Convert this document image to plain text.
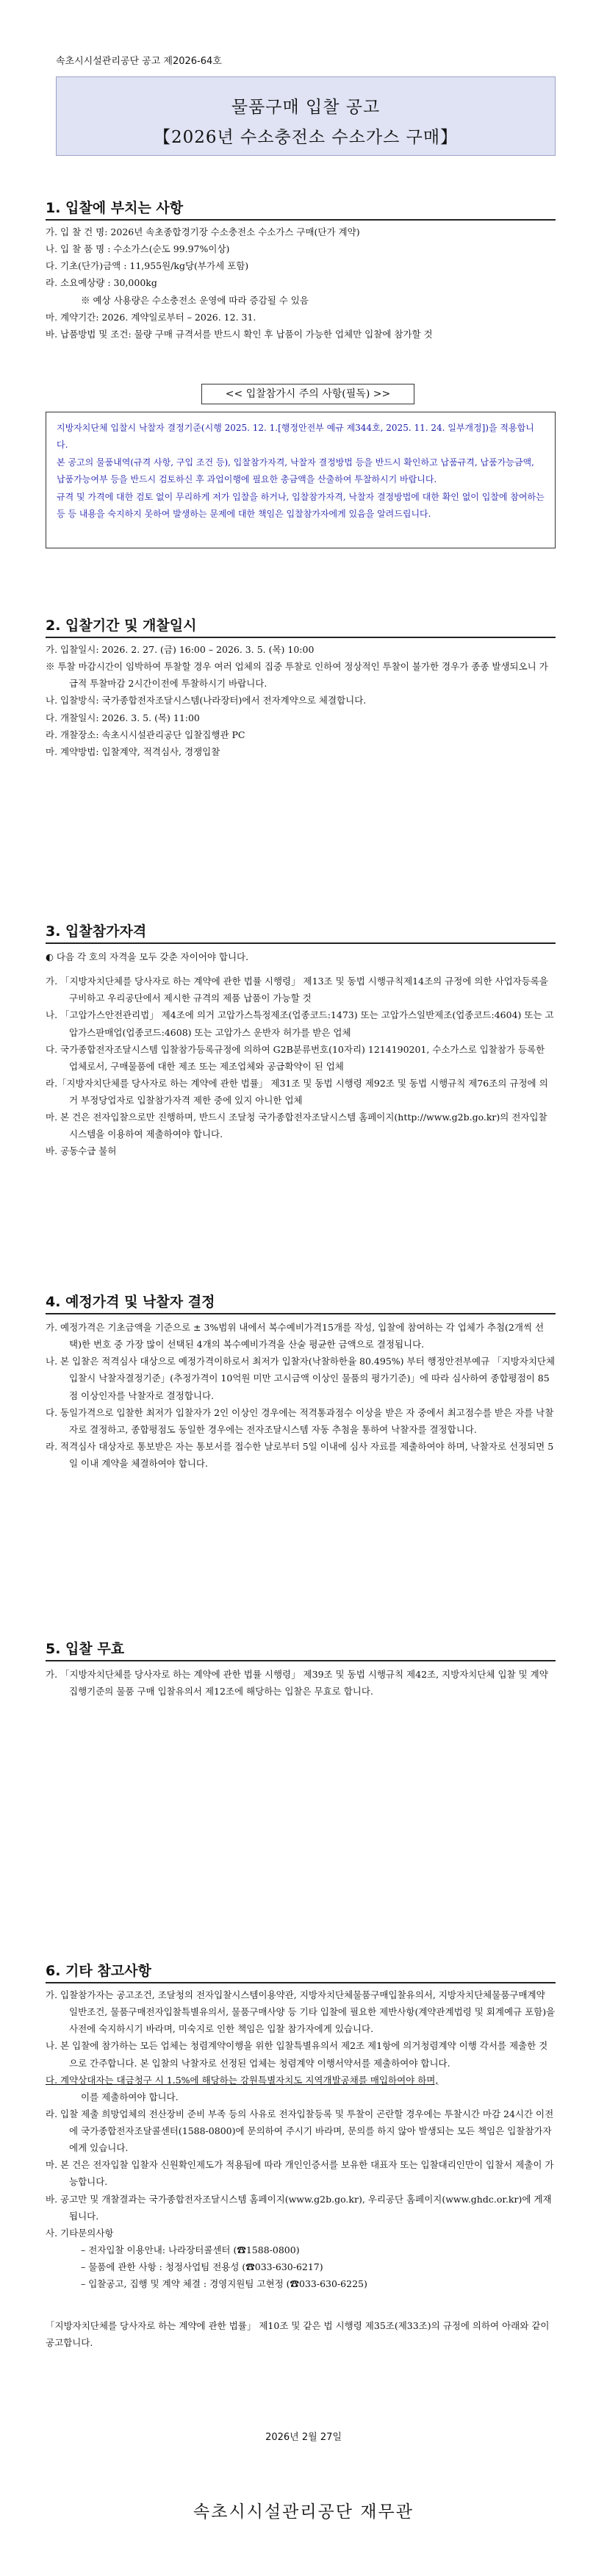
속초시시설관리공단 공고 제2026-64호
물품구매 입찰 공고
【2026년 수소충전소 수소가스 구매】
1. 입찰에 부치는 사항

가. 입 찰 건 명: 2026년 속초종합경기장 수소충전소 수소가스 구매(단가 계약)

나. 입 찰 품 명 : 수소가스(순도 99.97%이상)

다. 기초(단가)금액 : 11,955원/kg당(부가세 포함)

라. 소요예상량 : 30,000kg

※ 예상 사용량은 수소충전소 운영에 따라 증감될 수 있음

마. 계약기간: 2026. 계약일로부터 – 2026. 12. 31.

바. 납품방법 및 조건: 물량 구매 규격서를 반드시 확인 후 납품이 가능한 업체만 입찰에 참가할 것

<< 입찰참가시 주의 사항(필독) >>

지방자치단체 입찰시 낙찰자 결정기준(시행 2025. 12. 1.[행정안전부 예규 제344호, 2025. 11. 24. 일부개정])을 적용합니다.

본 공고의 물품내역(규격 사항, 구입 조건 등), 입찰참가자격, 낙찰자 결정방법 등을 반드시 확인하고 납품규격, 납품가능금액, 납품가능여부 등을 반드시 검토하신 후 과업이행에 필요한 총금액을 산출하여 투찰하시기 바랍니다.

규격 및 가격에 대한 검토 없이 무리하게 저가 입찰을 하거나, 입찰참가자격, 낙찰자 결정방법에 대한 확인 없이 입찰에 참여하는 등 등 내용을 숙지하지 못하여 발생하는 문제에 대한 책임은 입찰참가자에게 있음을 알려드립니다.

2. 입찰기간 및 개찰일시

가. 입찰일시: 2026. 2. 27. (금) 16:00 – 2026. 3. 5. (목) 10:00

※ 투찰 마감시간이 임박하여 투찰할 경우 여러 업체의 집중 투찰로 인하여 정상적인 투찰이 불가한 경우가 종종 발생되오니 가급적 투찰마감 2시간이전에 투찰하시기 바랍니다.

나. 입찰방식: 국가종합전자조달시스템(나라장터)에서 전자계약으로 체결합니다.

다. 개찰일시: 2026. 3. 5. (목) 11:00

라. 개찰장소: 속초시시설관리공단 입찰집행관 PC

마. 계약방법: 입찰계약, 적격심사, 경쟁입찰

3. 입찰참가자격

◐ 다음 각 호의 자격을 모두 갖춘 자이어야 합니다.

가. 「지방자치단체를 당사자로 하는 계약에 관한 법률 시행령」 제13조 및 동법 시행규칙제14조의 규정에 의한 사업자등록을 구비하고 우리공단에서 제시한 규격의 제품 납품이 가능할 것

나. 「고압가스안전관리법」 제4조에 의거 고압가스특정제조(업종코드:1473) 또는 고압가스일반제조(업종코드:4604) 또는 고압가스판매업(업종코드:4608) 또는 고압가스 운반자 허가를 받은 업체

다. 국가종합전자조달시스템 입찰참가등록규정에 의하여 G2B분류번호(10자리) 1214190201, 수소가스로 입찰참가 등록한 업체로서, 구매물품에 대한 제조 또는 제조업체와 공급확약이 된 업체

라.「지방자치단체를 당사자로 하는 계약에 관한 법률」 제31조 및 동법 시행령 제92조 및 동법 시행규칙 제76조의 규정에 의거 부정당업자로 입찰참가자격 제한 중에 있지 아니한 업체

마. 본 건은 전자입찰으로만 진행하며, 반드시 조달청 국가종합전자조달시스템 홈페이지(http://www.g2b.go.kr)의 전자입찰시스템을 이용하여 제출하여야 합니다.

바. 공동수급 불허

4. 예정가격 및 낙찰자 결정

가. 예정가격은 기초금액을 기준으로 ± 3%범위 내에서 복수예비가격15개를 작성, 입찰에 참여하는 각 업체가 추첨(2개씩 선택)한 번호 중 가장 많이 선택된 4개의 복수예비가격을 산술 평균한 금액으로 결정됩니다.

나. 본 입찰은 적격심사 대상으로 예정가격이하로서 최저가 입찰자(낙찰하한율 80.495%) 부터 행정안전부예규 「지방자치단체 입찰시 낙찰자결정기준」(추정가격이 10억원 미만 고시금액 이상인 물품의 평가기준)」에 따라 심사하여 종합평점이 85점 이상인자를 낙찰자로 결정합니다.

다. 동일가격으로 입찰한 최저가 입찰자가 2인 이상인 경우에는 적격통과점수 이상을 받은 자 중에서 최고점수를 받은 자를 낙찰자로 결정하고, 종합평점도 동일한 경우에는 전자조달시스템 자동 추첨을 통하여 낙찰자를 결정합니다.

라. 적격심사 대상자로 통보받은 자는 통보서를 접수한 날로부터 5일 이내에 심사 자료를 제출하여야 하며, 낙찰자로 선정되면 5일 이내 계약을 체결하여야 합니다.

5. 입찰 무효

가. 「지방자치단체를 당사자로 하는 계약에 관한 법률 시행령」 제39조 및 동법 시행규칙 제42조, 지방자치단체 입찰 및 계약 집행기준의 물품 구매 입찰유의서 제12조에 해당하는 입찰은 무효로 합니다.

6. 기타 참고사항

가. 입찰참가자는 공고조건, 조달청의 전자입찰시스템이용약관, 지방자치단체물품구매입찰유의서, 지방자치단체물품구매계약 일반조건, 물품구매전자입찰특별유의서, 물품구매사양 등 기타 입찰에 필요한 제반사항(계약관계법령 및 회계예규 포함)을 사전에 숙지하시기 바라며, 미숙지로 인한 책임은 입찰 참가자에게 있습니다.

나. 본 입찰에 참가하는 모든 업체는 청렴계약이행을 위한 입찰특별유의서 제2조 제1항에 의거청렴계약 이행 각서를 제출한 것으로 간주합니다. 본 입찰의 낙찰자로 선정된 업체는 청렴계약 이행서약서를 제출하여야 합니다.

다. 계약상대자는 대금청구 시 1.5%에 해당하는 강원특별자치도 지역개발공채를 매입하여야 하며,

이를 제출하여야 합니다.

라. 입찰 제출 희망업체의 전산장비 준비 부족 등의 사유로 전자입찰등록 및 투찰이 곤란할 경우에는 투찰시간 마감 24시간 이전에 국가종합전자조달콜센터(1588-0800)에 문의하여 주시기 바라며, 문의를 하지 않아 발생되는 모든 책임은 입찰참가자에게 있습니다.

마. 본 건은 전자입찰 입찰자 신원확인제도가 적용됨에 따라 개인인증서를 보유한 대표자 또는 입찰대리인만이 입찰서 제출이 가능합니다.

바. 공고만 및 개찰결과는 국가종합전자조달시스템 홈페이지(www.g2b.go.kr), 우리공단 홈페이지(www.ghdc.or.kr)에 게재됩니다.

사. 기타문의사항

– 전자입찰 이용안내: 나라장터콜센터 (☎1588-0800)

– 물품에 관한 사항 : 청정사업팀 전용성 (☎033-630-6217)

– 입찰공고, 집행 및 계약 체결 : 경영지원팀 고현정 (☎033-630-6225)

「지방자치단체를 당사자로 하는 계약에 관한 법률」 제10조 및 같은 법 시행령 제35조(제33조)의 규정에 의하여 아래와 같이 공고합니다.

2026년 2월 27일
속초시시설관리공단 재무관
